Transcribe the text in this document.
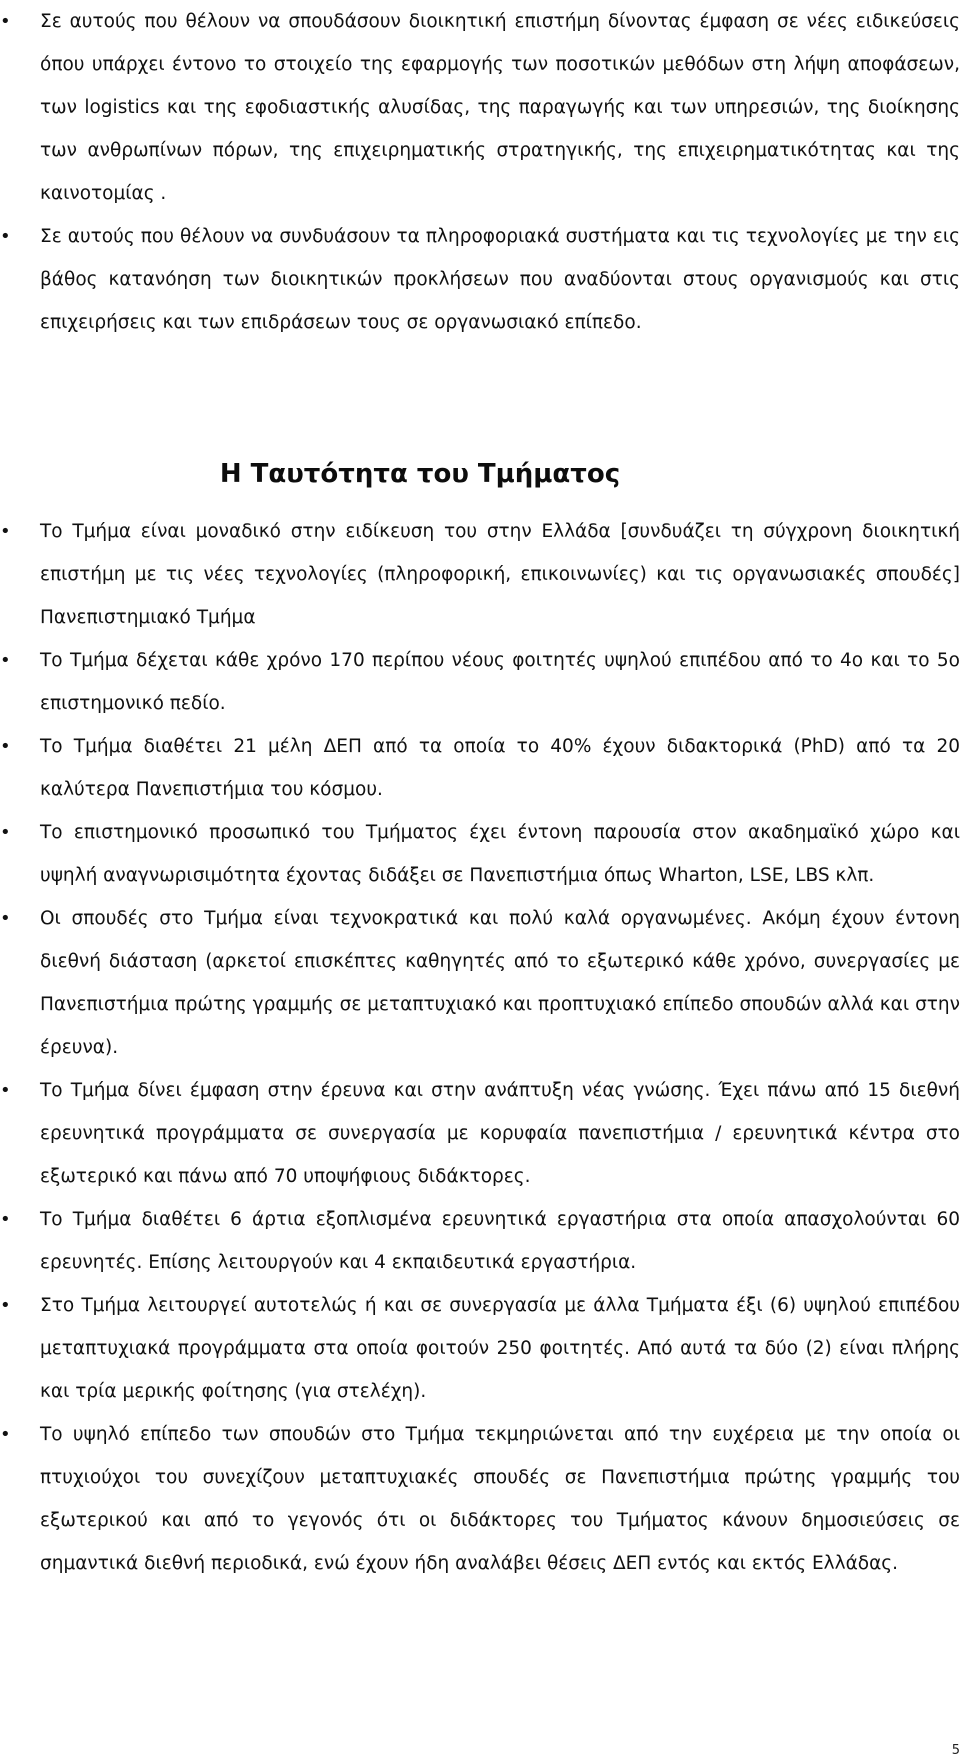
•	Σε αυτούς που θέλουν να σπουδάσουν διοικητική επιστήμη δίνοντας έμφαση σε νέες ειδικεύσεις όπου υπάρχει έντονο το στοιχείο της εφαρμογής των ποσοτικών μεθόδων στη λήψη αποφάσεων, των logistics και της εφοδιαστικής αλυσίδας, της παραγωγής και των υπηρεσιών, της διοίκησης των ανθρωπίνων πόρων, της επιχειρηματικής στρατηγικής, της επιχειρηματικότητας και της καινοτομίας .
•	Σε αυτούς που θέλουν να συνδυάσουν τα πληροφοριακά συστήματα και τις τεχνολογίες με την εις βάθος κατανόηση των διοικητικών προκλήσεων που αναδύονται στους οργανισμούς και στις επιχειρήσεις και των επιδράσεων τους σε οργανωσιακό επίπεδο.
Η Ταυτότητα του Τμήματος
•	Το Τμήμα είναι μοναδικό στην ειδίκευση του στην Ελλάδα [συνδυάζει τη σύγχρονη διοικητική επιστήμη με τις νέες τεχνολογίες (πληροφορική, επικοινωνίες) και τις οργανωσιακές σπουδές] Πανεπιστημιακό Τμήμα
•	Το Τμήμα δέχεται κάθε χρόνο 170 περίπου νέους φοιτητές υψηλού επιπέδου από το 4ο και το 5ο επιστημονικό πεδίο.
•	Το Τμήμα διαθέτει 21 μέλη ΔΕΠ από τα οποία το 40% έχουν διδακτορικά (PhD) από τα 20 καλύτερα Πανεπιστήμια του κόσμου.
•	Το επιστημονικό προσωπικό του Τμήματος έχει έντονη παρουσία στον ακαδημαϊκό χώρο και υψηλή αναγνωρισιμότητα έχοντας διδάξει σε Πανεπιστήμια όπως Wharton, LSE, LBS κλπ.
•	Οι σπουδές στο Τμήμα είναι τεχνοκρατικά και πολύ καλά οργανωμένες. Ακόμη έχουν έντονη διεθνή διάσταση (αρκετοί επισκέπτες καθηγητές από το εξωτερικό κάθε χρόνο, συνεργασίες με Πανεπιστήμια πρώτης γραμμής σε μεταπτυχιακό και προπτυχιακό επίπεδο σπουδών αλλά και στην έρευνα).
•	Το Τμήμα δίνει έμφαση στην έρευνα και στην ανάπτυξη νέας γνώσης. Έχει πάνω από 15 διεθνή ερευνητικά προγράμματα σε συνεργασία με κορυφαία πανεπιστήμια / ερευνητικά κέντρα στο εξωτερικό και πάνω από 70 υποψήφιους διδάκτορες.
•	Το Τμήμα διαθέτει 6 άρτια εξοπλισμένα ερευνητικά εργαστήρια στα οποία απασχολούνται 60 ερευνητές. Επίσης λειτουργούν και 4 εκπαιδευτικά εργαστήρια.
•	Στο Τμήμα λειτουργεί αυτοτελώς ή και σε συνεργασία με άλλα Τμήματα έξι (6) υψηλού επιπέδου μεταπτυχιακά προγράμματα στα οποία φοιτούν 250 φοιτητές. Από αυτά τα δύο (2) είναι πλήρης και τρία μερικής φοίτησης (για στελέχη).
•	Το υψηλό επίπεδο των σπουδών στο Τμήμα τεκμηριώνεται από την ευχέρεια με την οποία οι πτυχιούχοι του συνεχίζουν μεταπτυχιακές σπουδές σε Πανεπιστήμια πρώτης γραμμής του εξωτερικού και από το γεγονός ότι οι διδάκτορες του Τμήματος κάνουν δημοσιεύσεις σε σημαντικά διεθνή περιοδικά, ενώ έχουν ήδη αναλάβει θέσεις ΔΕΠ εντός και εκτός Ελλάδας.
5
